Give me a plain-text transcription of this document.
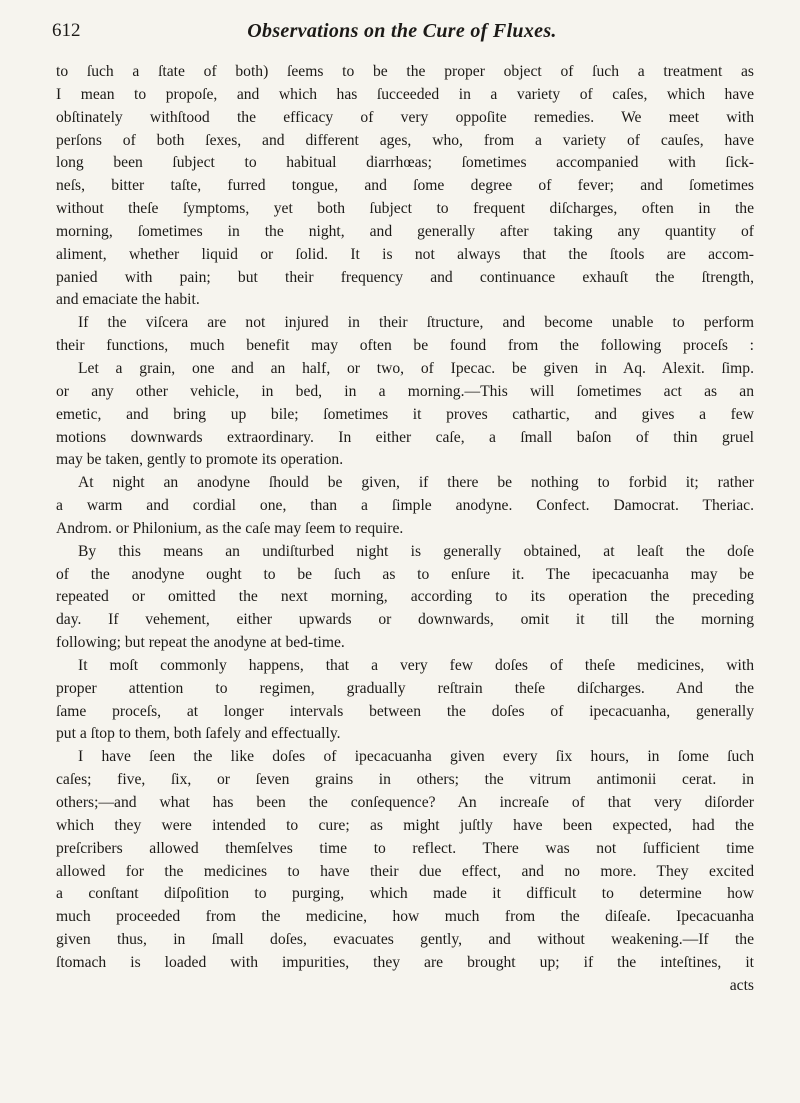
612	Observations on the Cure of Fluxes.
to ſuch a ſtate of both) ſeems to be the proper object of ſuch a treatment as
I mean to propoſe, and which has ſucceeded in a variety of caſes, which have
obſtinately withſtood the efficacy of very oppoſite remedies. We meet with
perſons of both ſexes, and different ages, who, from a variety of cauſes, have
long been ſubject to habitual diarrhœas; ſometimes accompanied with ſick-
neſs, bitter taſte, furred tongue, and ſome degree of fever; and ſometimes
without theſe ſymptoms, yet both ſubject to frequent diſcharges, often in the
morning, ſometimes in the night, and generally after taking any quantity of
aliment, whether liquid or ſolid. It is not always that the ſtools are accom-
panied with pain; but their frequency and continuance exhauſt the ſtrength,
and emaciate the habit.
If the viſcera are not injured in their ſtructure, and become unable to perform
their functions, much benefit may often be found from the following proceſs :
Let a grain, one and an half, or two, of Ipecac. be given in Aq. Alexit. ſimp.
or any other vehicle, in bed, in a morning.—This will ſometimes act as an
emetic, and bring up bile; ſometimes it proves cathartic, and gives a few
motions downwards extraordinary. In either caſe, a ſmall baſon of thin gruel
may be taken, gently to promote its operation.
At night an anodyne ſhould be given, if there be nothing to forbid it; rather
a warm and cordial one, than a ſimple anodyne. Confect. Damocrat. Theriac.
Androm. or Philonium, as the caſe may ſeem to require.
By this means an undiſturbed night is generally obtained, at leaſt the doſe
of the anodyne ought to be ſuch as to enſure it. The ipecacuanha may be
repeated or omitted the next morning, according to its operation the preceding
day. If vehement, either upwards or downwards, omit it till the morning
following; but repeat the anodyne at bed-time.
It moſt commonly happens, that a very few doſes of theſe medicines, with
proper attention to regimen, gradually reſtrain theſe diſcharges. And the
ſame proceſs, at longer intervals between the doſes of ipecacuanha, generally
put a ſtop to them, both ſafely and effectually.
I have ſeen the like doſes of ipecacuanha given every ſix hours, in ſome ſuch
caſes; five, ſix, or ſeven grains in others; the vitrum antimonii cerat. in
others;—and what has been the conſequence? An increaſe of that very diſorder
which they were intended to cure; as might juſtly have been expected, had the
preſcribers allowed themſelves time to reflect. There was not ſufficient time
allowed for the medicines to have their due effect, and no more. They excited
a conſtant diſpoſition to purging, which made it difficult to determine how
much proceeded from the medicine, how much from the diſeaſe. Ipecacuanha
given thus, in ſmall doſes, evacuates gently, and without weakening.—If the
ſtomach is loaded with impurities, they are brought up; if the inteſtines, it
acts
